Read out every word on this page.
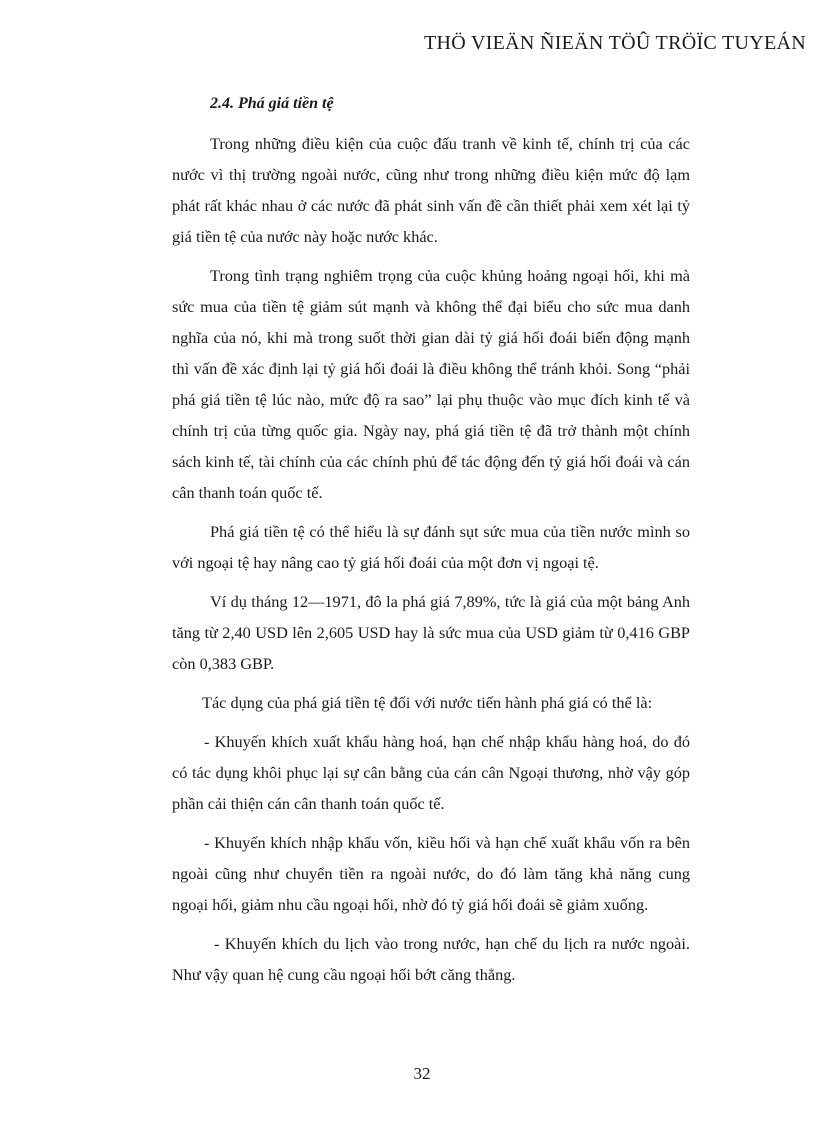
THÖ VIEÄN ÑIEÄN TÖÛ TRÖÏC TUYEÁN
2.4. Phá giá tiền tệ

Trong những điều kiện của cuộc đấu tranh về kinh tế, chính trị của các nước vì thị trường ngoài nước, cũng như trong những điều kiện mức độ lạm phát rất khác nhau ở các nước đã phát sinh vấn đề cần thiết phải xem xét lại tỷ giá tiền tệ của nước này hoặc nước khác.

Trong tình trạng nghiêm trọng của cuộc khủng hoảng ngoại hối, khi mà sức mua của tiền tệ giảm sút mạnh và không thể đại biểu cho sức mua danh nghĩa của nó, khi mà trong suốt thời gian dài tỷ giá hối đoái biến động mạnh thì vấn đề xác định lại tỷ giá hối đoái là điều không thể tránh khỏi. Song “phải phá giá tiền tệ lúc nào, mức độ ra sao” lại phụ thuộc vào mục đích kinh tế và chính trị của từng quốc gia. Ngày nay, phá giá tiền tệ đã trở thành một chính sách kinh tế, tài chính của các chính phủ để tác động đến tỷ giá hối đoái và cán cân thanh toán quốc tế.

Phá giá tiền tệ có thể hiểu là sự đánh sụt sức mua của tiền nước mình so với ngoại tệ hay nâng cao tỷ giá hối đoái của một đơn vị ngoại tệ.

Ví dụ tháng 12—1971, đô la phá giá 7,89%, tức là giá của một bảng Anh tăng từ 2,40 USD lên 2,605 USD hay là sức mua của USD giảm từ 0,416 GBP còn 0,383 GBP.

Tác dụng của phá giá tiền tệ đối với nước tiến hành phá giá có thể là:

- Khuyến khích xuất khẩu hàng hoá, hạn chế nhập khẩu hàng hoá, do đó có tác dụng khôi phục lại sự cân bằng của cán cân Ngoại thương, nhờ vậy góp phần cải thiện cán cân thanh toán quốc tế.

- Khuyến khích nhập khẩu vốn, kiều hối và hạn chế xuất khẩu vốn ra bên ngoài cũng như chuyển tiền ra ngoài nước, do đó làm tăng khả năng cung ngoại hối, giảm nhu cầu ngoại hối, nhờ đó tỷ giá hối đoái sẽ giảm xuống.

- Khuyến khích du lịch vào trong nước, hạn chế du lịch ra nước ngoài. Như vậy quan hệ cung cầu ngoại hối bớt căng thẳng.

32
